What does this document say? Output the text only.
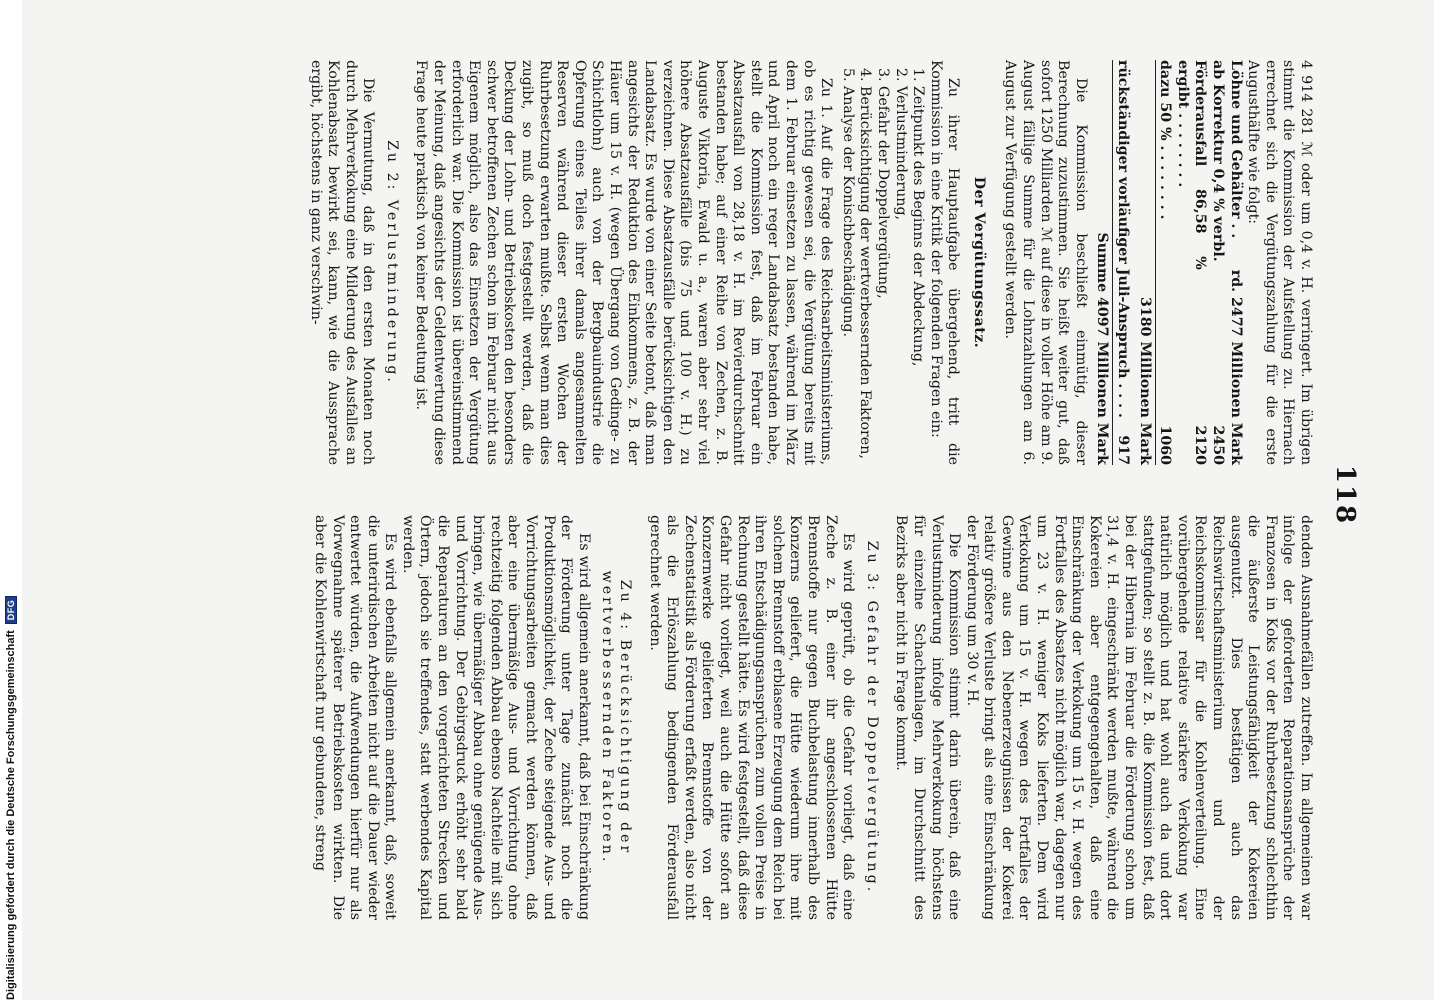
Digitalisierung gefördert durch die Deutsche Forschungsgemeinschaft
DFG
118

4 914 281 ℳ oder um 0,4 v. H. verringert. Im übrigen stimmt die Kommission der Aufstellung zu. Hiernach errechnet sich die Vergütungszahlung für die erste Augusthälfte wie folgt:

Löhne und Gehälter . .	rd. 2477 Millionen Mark
ab Korrektur 0,4 % verbl.	2450
Förderausfall 86,58 % ergibt . . . . . . . .	2120
dazu 50 % . . . . . . . .	1060
3180 Millionen Mark
rückständiger vorläufiger Juli-Anspruch . . . .	917
Summe 4097 Millionen Mark

Die Kommission beschließt einmütig, dieser Berechnung zuzustimmen. Sie heißt weiter gut, daß sofort 1250 Milliarden ℳ auf diese in voller Höhe am 9. August fällige Summe für die Lohnzahlungen am 6. August zur Verfügung gestellt werden.

Der Vergütungssatz.

Zu ihrer Hauptaufgabe übergehend, tritt die Kommission in eine Kritik der folgenden Fragen ein:

1. Zeitpunkt des Beginns der Abdeckung,
2. Verlustminderung,
3. Gefahr der Doppelvergütung,
4. Berücksichtigung der wertverbessernden Faktoren,
5. Analyse der Konischbeschädigung.

Zu 1. Auf die Frage des Reichsarbeitsministeriums, ob es richtig gewesen sei, die Vergütung bereits mit dem 1. Februar einsetzen zu lassen, während im März und April noch ein reger Landabsatz bestanden habe, stellt die Kommission fest, daß im Februar ein Absatzausfall von 28,18 v. H. im Revierdurchschnitt bestanden habe; auf einer Reihe von Zechen, z. B. Auguste Viktoria, Ewald u. a., waren aber sehr viel höhere Absatzausfälle (bis 75 und 100 v. H.) zu verzeichnen. Diese Absatzausfälle berücksichtigen den Landabsatz. Es wurde von einer Seite betont, daß man angesichts der Reduktion des Einkommens, z. B. der Häuer um 15 v. H. (wegen Übergang von Gedinge- zu Schichtlohn) auch von der Bergbauindustrie die Opferung eines Teiles ihrer damals angesammelten Reserven während dieser ersten Wochen der Ruhrbesetzung erwarten mußte. Selbst wenn man dies zugibt, so muß doch festgestellt werden, daß die Deckung der Lohn- und Betriebskosten den besonders schwer betroffenen Zechen schon im Februar nicht aus Eigenem möglich, also das Einsetzen der Vergütung erforderlich war. Die Kommission ist übereinstimmend der Meinung, daß angesichts der Geldentwertung diese Frage heute praktisch von keiner Bedeutung ist.

Zu 2: Verlustminderung.

Die Vermutung, daß in den ersten Monaten noch durch Mehrverkokung eine Milderung des Ausfalles an Kohlenabsatz bewirkt sei, kann, wie die Aussprache ergibt, höchstens in ganz verschwin-

denden Ausnahmefällen zutreffen. Im allgemeinen war infolge der geforderten Reparationsansprüche der Franzosen in Koks vor der Ruhrbesetzung schlechthin die äußerste Leistungsfähigkeit der Kokereien ausgenutzt. Dies bestätigen auch das Reichswirtschaftsministerium und der Reichskommissar für die Kohlenverteilung. Eine vorübergehende relative stärkere Verkokung war natürlich möglich und hat wohl auch da und dort stattgefunden; so stellt z. B. die Kommission fest, daß bei der Hibernia im Februar die Förderung schon um 31,4 v. H. eingeschränkt werden mußte, während die Kokereien aber entgegengehalten, daß eine Einschränkung der Verkokung um 15 v. H. wegen des Fortfalles des Absatzes nicht möglich war, dagegen nur um 23 v. H. weniger Koks lieferten. Dem wird Verkokung um 15 v. H. wegen des Fortfalles der Gewinne aus den Nebenerzeugnissen der Kokerei relativ größere Verluste bringt als eine Einschränkung der Förderung um 30 v. H.

Die Kommission stimmt darin überein, daß eine Verlustminderung infolge Mehrverkokung höchstens für einzelne Schachtanlagen, im Durchschnitt des Bezirks aber nicht in Frage kommt.

Zu 3: Gefahr der Doppelvergütung.

Es wird geprüft, ob die Gefahr vorliegt, daß eine Zeche z. B. einer ihr angeschlossenen Hütte Brennstoffe nur gegen Buchbelastung innerhalb des Konzerns geliefert, die Hütte wiederum ihre mit solchem Brennstoff erblasene Erzeugung dem Reich bei ihren Entschädigungsansprüchen zum vollen Preise in Rechnung gestellt hätte. Es wird festgestellt, daß diese Gefahr nicht vorliegt, weil auch die Hütte sofort an Konzernwerke gelieferten Brennstoffe von der Zechenstatistik als Förderung erfaßt werden, also nicht als die Erlöszahlung bedingenden Förderausfall gerechnet werden.

Zu 4: Berücksichtigung der wertverbessernden Faktoren.

Es wird allgemein anerkannt, daß bei Einschränkung der Förderung unter Tage zunächst noch die Produktionsmöglichkeit, der Zeche steigende Aus- und Vorrichtungsarbeiten gemacht werden können, daß aber eine übermäßige Aus- und Vorrichtung ohne rechtzeitig folgenden Abbau ebenso Nachteile mit sich bringen, wie übermäßiger Abbau ohne genügende Aus- und Vorrichtung. Der Gebirgsdruck erhöht sehr bald die Reparaturen an den vorgerichteten Strecken und Örtern, jedoch sie treffendes, statt werbendes Kapital werden.

Es wird ebenfalls allgemein anerkannt, daß, soweit die unterirdischen Arbeiten nicht auf die Dauer wieder entwertet würden, die Aufwendungen hierfür nur als Vorwegnahme späterer Betriebskosten wirkten. Die aber die Kohlenwirtschaft nur gebundene, streng
